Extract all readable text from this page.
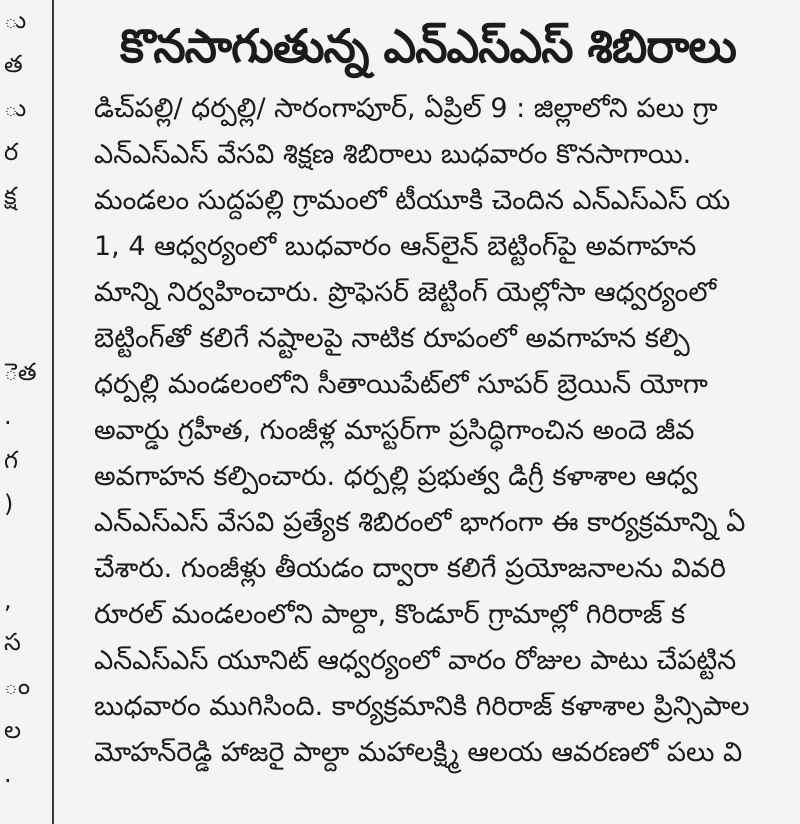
ు
త
ు
ర
క్ష
ెత
.
గ
)
,
స
ం
ల
.
కొనసాగుతున్న ఎన్‌ఎస్‌ఎస్ శిబిరాలు
డిచ్‌పల్లి/ ధర్పల్లి/ సారంగాపూర్, ఏప్రిల్ 9 : జిల్లాలోని పలు గ్రా
ఎన్‌ఎస్‌ఎస్ వేసవి శిక్షణ శిబిరాలు బుధవారం కొనసాగాయి.
మండలం సుద్దపల్లి గ్రామంలో టీయూకి చెందిన ఎన్‌ఎస్‌ఎస్ య
1, 4 ఆధ్వర్యంలో బుధవారం ఆన్‌లైన్ బెట్టింగ్‌పై అవగాహన
మాన్ని నిర్వహించారు. ప్రొఫెసర్ జెట్టింగ్ యెల్లోసా ఆధ్వర్యంలో
బెట్టింగ్‌తో కలిగే నష్టాలపై నాటిక రూపంలో అవగాహన కల్పి
ధర్పల్లి మండలంలోని సీతాయిపేట్‌లో సూపర్ బ్రెయిన్ యోగా
అవార్డు గ్రహీత, గుంజీళ్ల మాస్టర్‌గా ప్రసిద్ధిగాంచిన అందె జీవ
అవగాహన కల్పించారు. ధర్పల్లి ప్రభుత్వ డిగ్రీ కళాశాల ఆధ్వ
ఎన్‌ఎస్‌ఎస్ వేసవి ప్రత్యేక శిబిరంలో భాగంగా ఈ కార్యక్రమాన్ని ఏ
చేశారు. గుంజీళ్లు తీయడం ద్వారా కలిగే ప్రయోజనాలను వివరి
రూరల్ మండలంలోని పాల్దా, కొండూర్ గ్రామాల్లో గిరిరాజ్ క
ఎన్‌ఎస్‌ఎస్ యూనిట్ ఆధ్వర్యంలో వారం రోజుల పాటు చేపట్టిన
బుధవారం ముగిసింది. కార్యక్రమానికి గిరిరాజ్ కళాశాల ప్రిన్సిపాల
మోహన్‌రెడ్డి హాజరై పాల్దా మహాలక్ష్మి ఆలయ ఆవరణలో పలు వి
